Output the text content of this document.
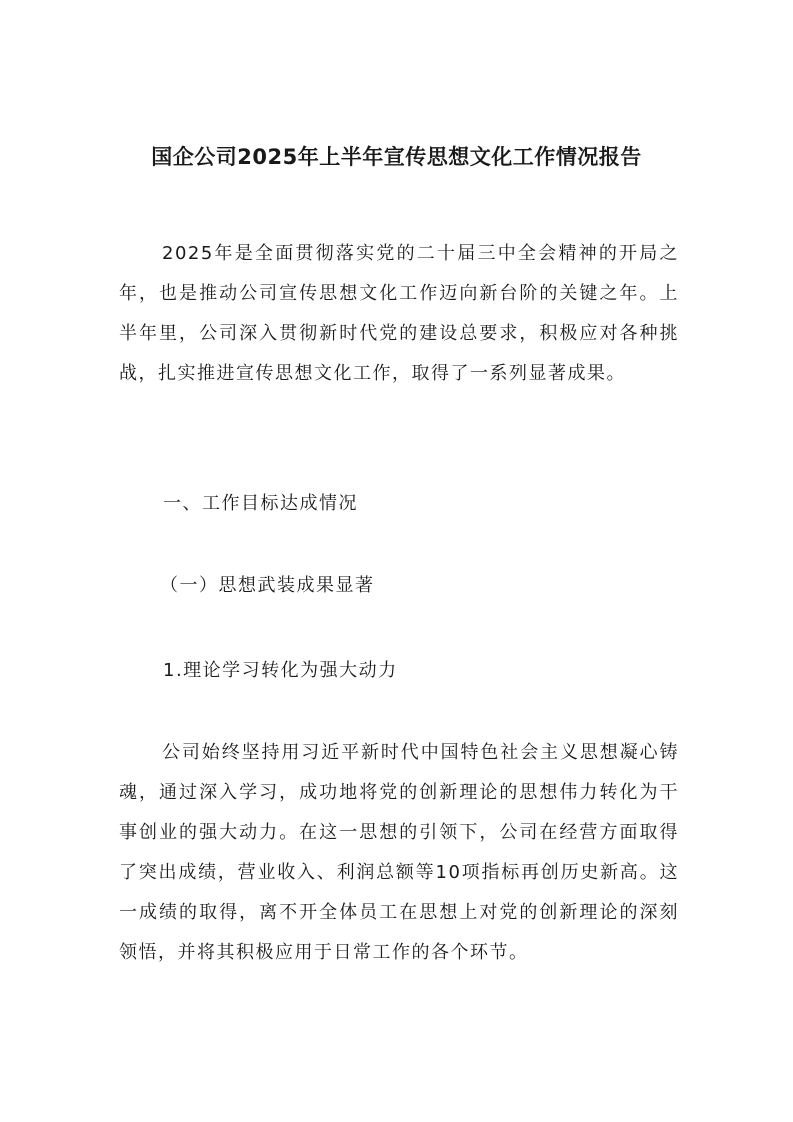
国企公司2025年上半年宣传思想文化工作情况报告

2025年是全面贯彻落实党的二十届三中全会精神的开局之年，也是推动公司宣传思想文化工作迈向新台阶的关键之年。上半年里，公司深入贯彻新时代党的建设总要求，积极应对各种挑战，扎实推进宣传思想文化工作，取得了一系列显著成果。

一、工作目标达成情况

（一）思想武装成果显著

1.理论学习转化为强大动力

公司始终坚持用习近平新时代中国特色社会主义思想凝心铸魂，通过深入学习，成功地将党的创新理论的思想伟力转化为干事创业的强大动力。在这一思想的引领下，公司在经营方面取得了突出成绩，营业收入、利润总额等10项指标再创历史新高。这一成绩的取得，离不开全体员工在思想上对党的创新理论的深刻领悟，并将其积极应用于日常工作的各个环节。
